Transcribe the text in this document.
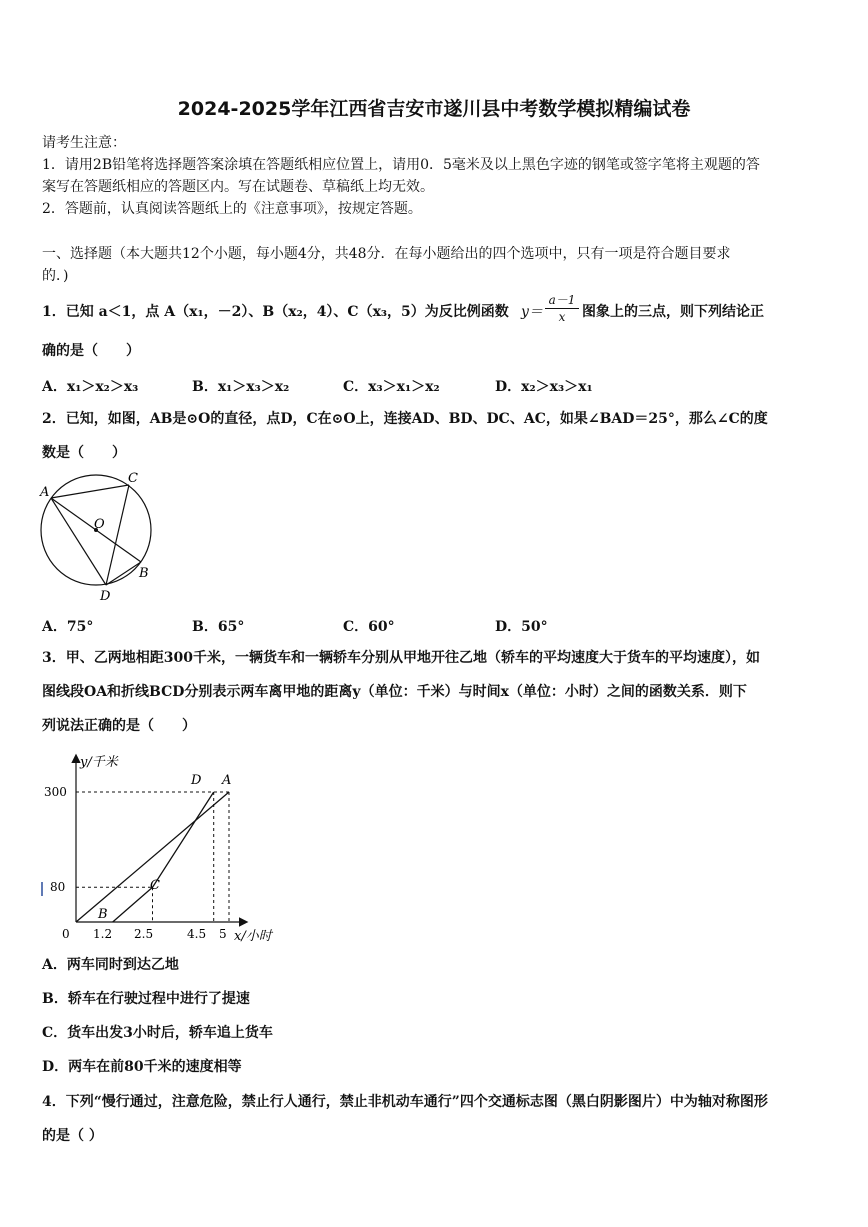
2024-2025学年江西省吉安市遂川县中考数学模拟精编试卷
请考生注意：
1．请用2B铅笔将选择题答案涂填在答题纸相应位置上，请用0．5毫米及以上黑色字迹的钢笔或签字笔将主观题的答
案写在答题纸相应的答题区内。写在试题卷、草稿纸上均无效。
2．答题前，认真阅读答题纸上的《注意事项》，按规定答题。
一、选择题（本大题共12个小题，每小题4分，共48分．在每小题给出的四个选项中，只有一项是符合题目要求
的．)
1．已知 a＜1，点 A（x₁，－2）、B（x₂，4）、C（x₃，5）为反比例函数 y＝
a－1
x	图象上的三点，则下列结论正
确的是（　　）
A．x₁＞x₂＞x₃	B．x₁＞x₃＞x₂	C．x₃＞x₁＞x₂	D．x₂＞x₃＞x₁
2．已知，如图，AB是⊙O的直径，点D，C在⊙O上，连接AD、BD、DC、AC，如果∠BAD＝25°，那么∠C的度
数是（　　）
A
C
O
B
D
A．75°	B．65°	C．60°	D．50°
3．甲、乙两地相距300千米，一辆货车和一辆轿车分别从甲地开往乙地（轿车的平均速度大于货车的平均速度），如
图线段OA和折线BCD分别表示两车离甲地的距离y（单位：千米）与时间x（单位：小时）之间的函数关系．则下
列说法正确的是（　　）
y/千米
x/小时
300
80
0 1.2 2.5	4.5 5
D A
C
B
A．两车同时到达乙地
B．轿车在行驶过程中进行了提速
C．货车出发3小时后，轿车追上货车
D．两车在前80千米的速度相等
4．下列“慢行通过，注意危险，禁止行人通行，禁止非机动车通行”四个交通标志图（黑白阴影图片）中为轴对称图形
的是（ ）
